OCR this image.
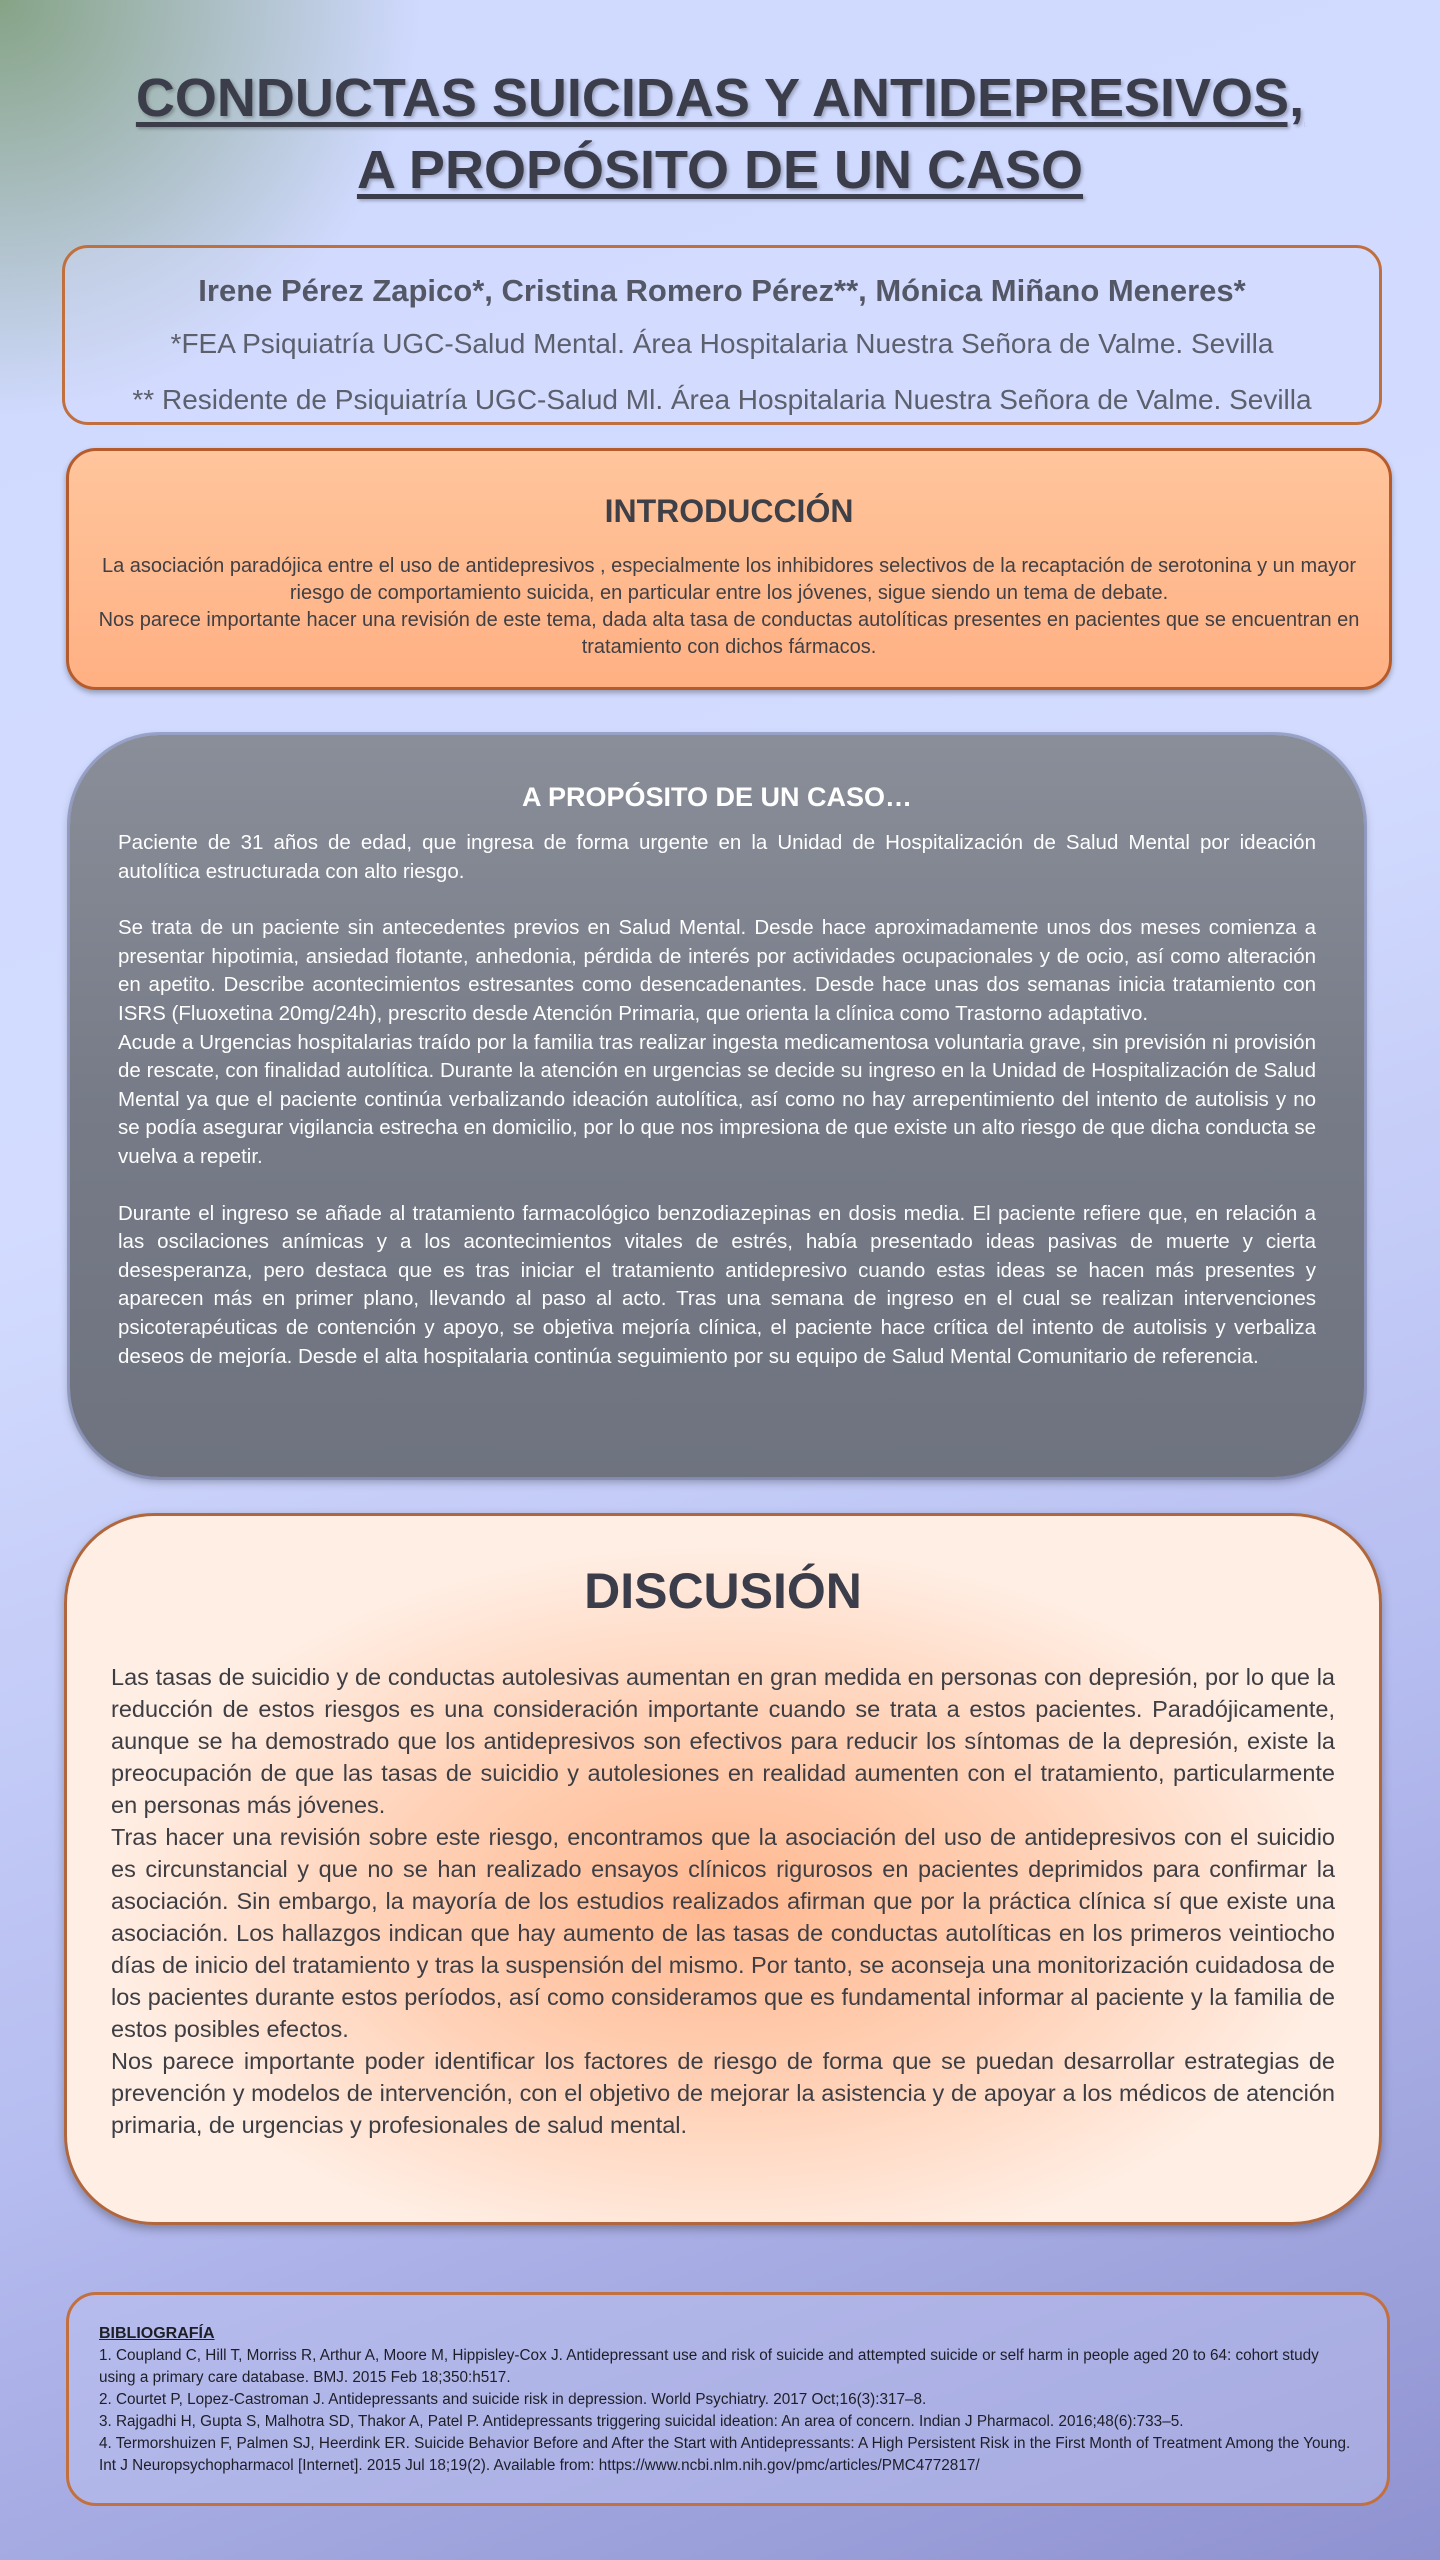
CONDUCTAS SUICIDAS Y ANTIDEPRESIVOS,
A PROPÓSITO DE UN CASO

Irene Pérez Zapico*, Cristina Romero Pérez**, Mónica Miñano Meneres*

*FEA Psiquiatría UGC-Salud Mental. Área Hospitalaria Nuestra Señora de Valme. Sevilla

** Residente de Psiquiatría UGC-Salud Ml. Área Hospitalaria Nuestra Señora de Valme. Sevilla

INTRODUCCIÓN

La asociación paradójica entre el uso de antidepresivos , especialmente los inhibidores selectivos de la recaptación de serotonina y un mayor riesgo de comportamiento suicida, en particular entre los jóvenes, sigue siendo un tema de debate.
Nos parece importante hacer una revisión de este tema, dada alta tasa de conductas autolíticas presentes en pacientes que se encuentran en tratamiento con dichos fármacos.

A PROPÓSITO DE UN CASO…

Paciente de 31 años de edad, que ingresa de forma urgente en la Unidad de Hospitalización de Salud Mental por ideación autolítica estructurada con alto riesgo.

Se trata de un paciente sin antecedentes previos en Salud Mental. Desde hace aproximadamente unos dos meses comienza a presentar hipotimia, ansiedad flotante, anhedonia, pérdida de interés por actividades ocupacionales y de ocio, así como alteración en apetito. Describe acontecimientos estresantes como desencadenantes. Desde hace unas dos semanas inicia tratamiento con ISRS (Fluoxetina 20mg/24h), prescrito desde Atención Primaria, que orienta la clínica como Trastorno adaptativo.

Acude a Urgencias hospitalarias traído por la familia tras realizar ingesta medicamentosa voluntaria grave, sin previsión ni provisión de rescate, con finalidad autolítica. Durante la atención en urgencias se decide su ingreso en la Unidad de Hospitalización de Salud Mental ya que el paciente continúa verbalizando ideación autolítica, así como no hay arrepentimiento del intento de autolisis y no se podía asegurar vigilancia estrecha en domicilio, por lo que nos impresiona de que existe un alto riesgo de que dicha conducta se vuelva a repetir.

Durante el ingreso se añade al tratamiento farmacológico benzodiazepinas en dosis media. El paciente refiere que, en relación a las oscilaciones anímicas y a los acontecimientos vitales de estrés, había presentado ideas pasivas de muerte y cierta desesperanza, pero destaca que es tras iniciar el tratamiento antidepresivo cuando estas ideas se hacen más presentes y aparecen más en primer plano, llevando al paso al acto. Tras una semana de ingreso en el cual se realizan intervenciones psicoterapéuticas de contención y apoyo, se objetiva mejoría clínica, el paciente hace crítica del intento de autolisis y verbaliza deseos de mejoría. Desde el alta hospitalaria continúa seguimiento por su equipo de Salud Mental Comunitario de referencia.

DISCUSIÓN

Las tasas de suicidio y de conductas autolesivas aumentan en gran medida en personas con depresión, por lo que la reducción de estos riesgos es una consideración importante cuando se trata a estos pacientes. Paradójicamente, aunque se ha demostrado que los antidepresivos son efectivos para reducir los síntomas de la depresión, existe la preocupación de que las tasas de suicidio y autolesiones en realidad aumenten con el tratamiento, particularmente en personas más jóvenes.

Tras hacer una revisión sobre este riesgo, encontramos que la asociación del uso de antidepresivos con el suicidio es circunstancial y que no se han realizado ensayos clínicos rigurosos en pacientes deprimidos para confirmar la asociación. Sin embargo, la mayoría de los estudios realizados afirman que por la práctica clínica sí que existe una asociación. Los hallazgos indican que hay aumento de las tasas de conductas autolíticas en los primeros veintiocho días de inicio del tratamiento y tras la suspensión del mismo. Por tanto, se aconseja una monitorización cuidadosa de los pacientes durante estos períodos, así como consideramos que es fundamental informar al paciente y la familia de estos posibles efectos.

Nos parece importante poder identificar los factores de riesgo de forma que se puedan desarrollar estrategias de prevención y modelos de intervención, con el objetivo de mejorar la asistencia y de apoyar a los médicos de atención primaria, de urgencias y profesionales de salud mental.

BIBLIOGRAFÍA

1. Coupland C, Hill T, Morriss R, Arthur A, Moore M, Hippisley-Cox J. Antidepressant use and risk of suicide and attempted suicide or self harm in people aged 20 to 64: cohort study using a primary care database. BMJ. 2015 Feb 18;350:h517.

2. Courtet P, Lopez-Castroman J. Antidepressants and suicide risk in depression. World Psychiatry. 2017 Oct;16(3):317–8.

3. Rajgadhi H, Gupta S, Malhotra SD, Thakor A, Patel P. Antidepressants triggering suicidal ideation: An area of concern. Indian J Pharmacol. 2016;48(6):733–5.

4. Termorshuizen F, Palmen SJ, Heerdink ER. Suicide Behavior Before and After the Start with Antidepressants: A High Persistent Risk in the First Month of Treatment Among the Young. Int J Neuropsychopharmacol [Internet]. 2015 Jul 18;19(2). Available from: https://www.ncbi.nlm.nih.gov/pmc/articles/PMC4772817/
